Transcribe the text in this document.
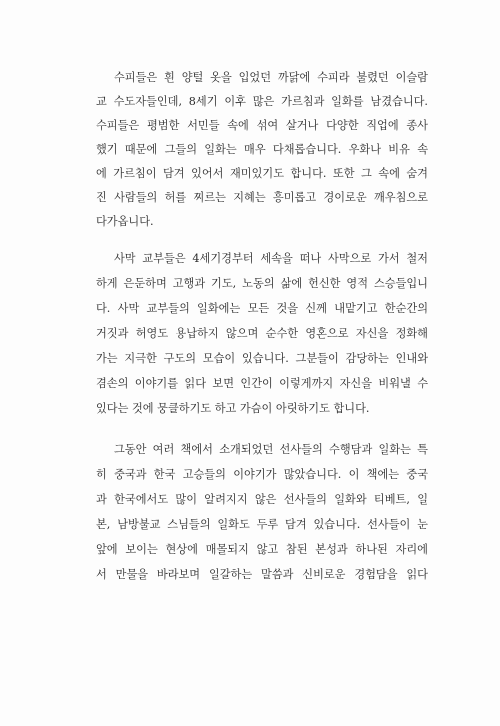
수피들은 흰 양털 옷을 입었던 까닭에 수피라 불렸던 이슬람
교 수도자들인데, 8세기 이후 많은 가르침과 일화를 남겼습니다.
수피들은 평범한 서민들 속에 섞여 살거나 다양한 직업에 종사
했기 때문에 그들의 일화는 매우 다채롭습니다. 우화나 비유 속
에 가르침이 담겨 있어서 재미있기도 합니다. 또한 그 속에 숨겨
진 사람들의 허를 찌르는 지혜는 흥미롭고 경이로운 깨우침으로
다가옵니다.
사막 교부들은 4세기경부터 세속을 떠나 사막으로 가서 철저
하게 은둔하며 고행과 기도, 노동의 삶에 헌신한 영적 스승들입니
다. 사막 교부들의 일화에는 모든 것을 신께 내맡기고 한순간의
거짓과 허영도 용납하지 않으며 순수한 영혼으로 자신을 정화해
가는 지극한 구도의 모습이 있습니다. 그분들이 감당하는 인내와
겸손의 이야기를 읽다 보면 인간이 이렇게까지 자신을 비워낼 수
있다는 것에 뭉클하기도 하고 가슴이 아릿하기도 합니다.
그동안 여러 책에서 소개되었던 선사들의 수행담과 일화는 특
히 중국과 한국 고승들의 이야기가 많았습니다. 이 책에는 중국
과 한국에서도 많이 알려지지 않은 선사들의 일화와 티베트, 일
본, 남방불교 스님들의 일화도 두루 담겨 있습니다. 선사들이 눈
앞에 보이는 현상에 매몰되지 않고 참된 본성과 하나된 자리에
서 만물을 바라보며 일갈하는 말씀과 신비로운 경험담을 읽다
